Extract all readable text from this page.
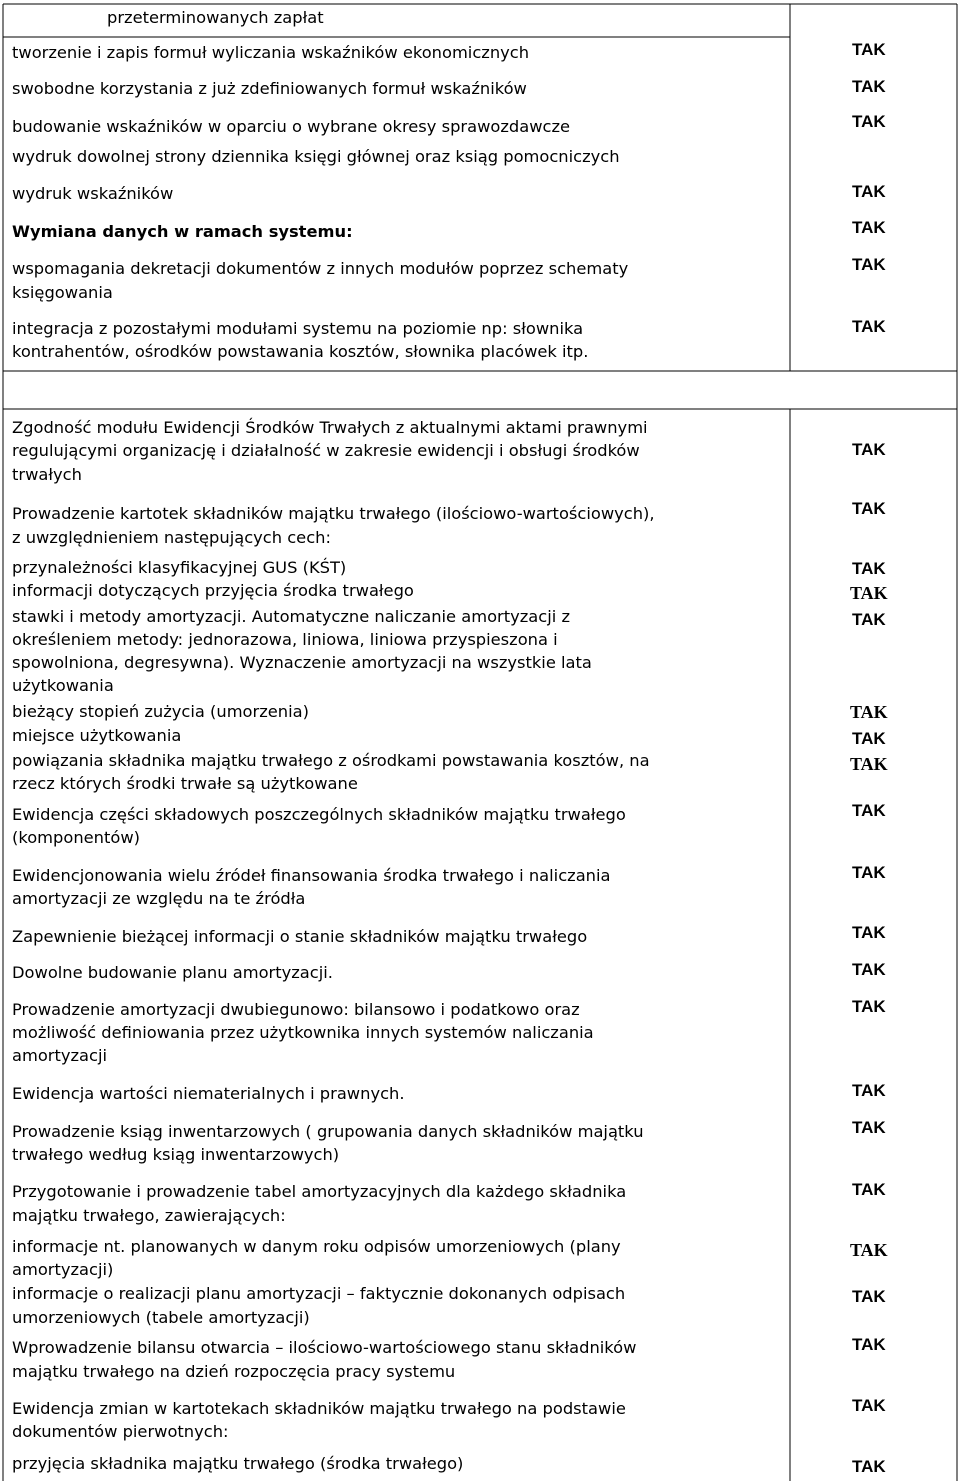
przeterminowanych zapłat
tworzenie i zapis formuł wyliczania wskaźników ekonomicznych	TAK
swobodne korzystania z już zdefiniowanych formuł wskaźników	TAK
budowanie wskaźników w oparciu o wybrane okresy sprawozdawcze	TAK
wydruk dowolnej strony dziennika księgi głównej oraz ksiąg pomocniczych
wydruk wskaźników	TAK
Wymiana danych w ramach systemu:	TAK
wspomagania dekretacji dokumentów z innych modułów poprzez schematy
księgowania
TAK
integracja z pozostałymi modułami systemu na poziomie np: słownika
kontrahentów, ośrodków powstawania kosztów, słownika placówek itp.
TAK
Zgodność modułu Ewidencji Środków Trwałych z aktualnymi aktami prawnymi
regulującymi organizację i działalność w zakresie ewidencji i obsługi środków
trwałych
TAK
Prowadzenie kartotek składników majątku trwałego (ilościowo-wartościowych),
z uwzględnieniem następujących cech:
TAK
przynależności klasyfikacyjnej GUS (KŚT)	TAK
informacji dotyczących przyjęcia środka trwałego	TAK
stawki i metody amortyzacji. Automatyczne naliczanie amortyzacji z
określeniem metody: jednorazowa, liniowa, liniowa przyspieszona i
spowolniona, degresywna). Wyznaczenie amortyzacji na wszystkie lata
użytkowania
TAK
bieżący stopień zużycia (umorzenia)	TAK
miejsce użytkowania	TAK
powiązania składnika majątku trwałego z ośrodkami powstawania kosztów, na
rzecz których środki trwałe są użytkowane
TAK
Ewidencja części składowych poszczególnych składników majątku trwałego
(komponentów)
TAK
Ewidencjonowania wielu źródeł finansowania środka trwałego i naliczania
amortyzacji ze względu na te źródła
TAK
Zapewnienie bieżącej informacji o stanie składników majątku trwałego	TAK
Dowolne budowanie planu amortyzacji.	TAK
Prowadzenie amortyzacji dwubiegunowo: bilansowo i podatkowo oraz
możliwość definiowania przez użytkownika innych systemów naliczania
amortyzacji
TAK
Ewidencja wartości niematerialnych i prawnych.	TAK
Prowadzenie ksiąg inwentarzowych ( grupowania danych składników majątku
trwałego według ksiąg inwentarzowych)
TAK
Przygotowanie i prowadzenie tabel amortyzacyjnych dla każdego składnika
majątku trwałego, zawierających:
TAK
informacje nt. planowanych w danym roku odpisów umorzeniowych (plany
amortyzacji)
TAK
informacje o realizacji planu amortyzacji – faktycznie dokonanych odpisach
umorzeniowych (tabele amortyzacji)
TAK
Wprowadzenie bilansu otwarcia – ilościowo-wartościowego stanu składników
majątku trwałego na dzień rozpoczęcia pracy systemu
TAK
Ewidencja zmian w kartotekach składników majątku trwałego na podstawie
dokumentów pierwotnych:
TAK
przyjęcia składnika majątku trwałego (środka trwałego)	TAK
